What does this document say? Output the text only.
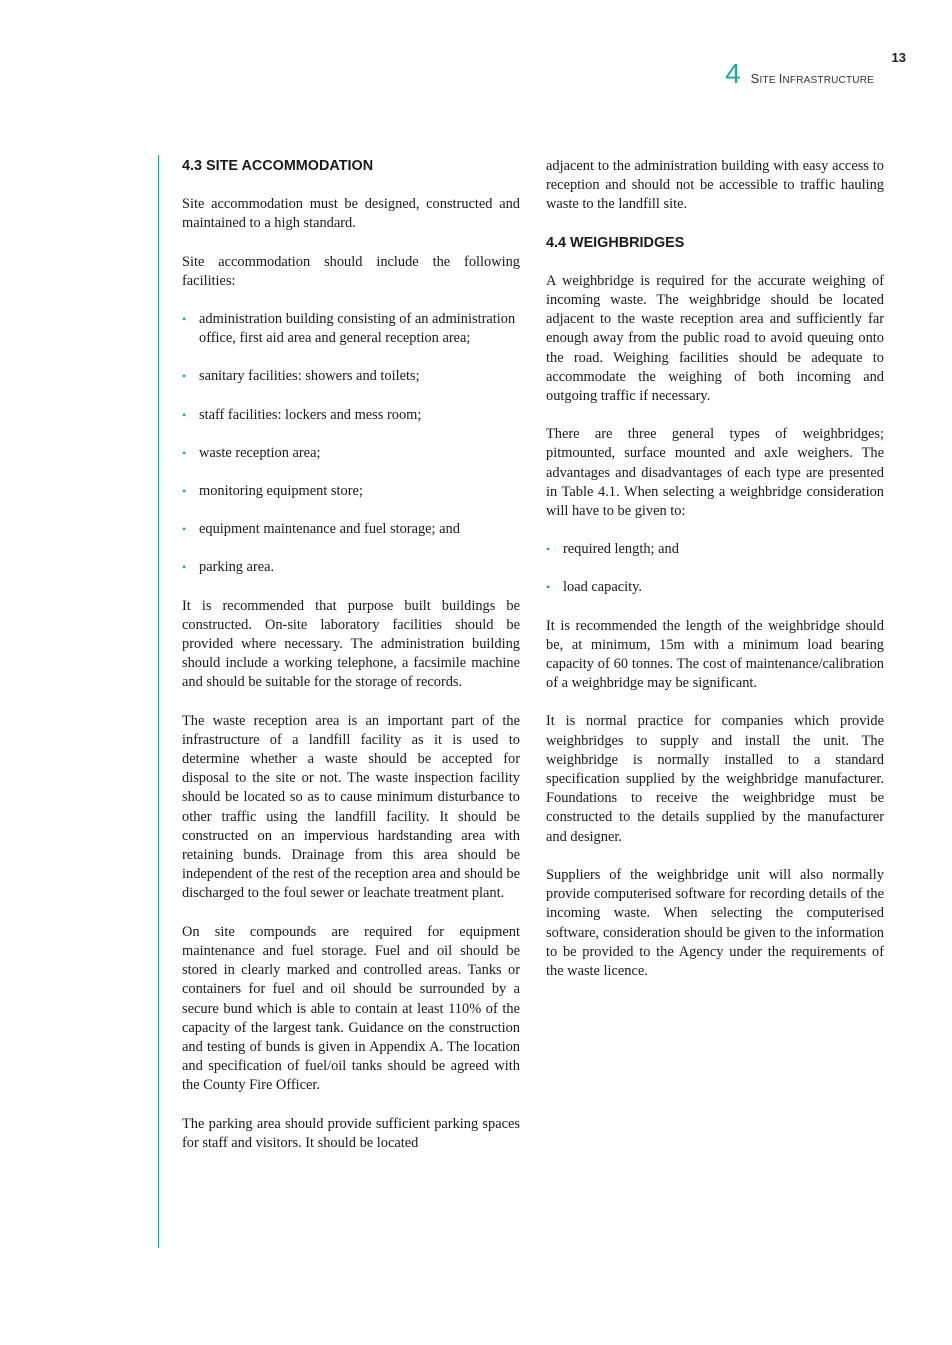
13
4 SITE INFRASTRUCTURE
4.3 SITE ACCOMMODATION

Site accommodation must be designed, constructed and maintained to a high standard.

Site accommodation should include the following facilities:

• administration building consisting of an administration office, first aid area and general reception area;
• sanitary facilities: showers and toilets;
• staff facilities: lockers and mess room;
• waste reception area;
• monitoring equipment store;
• equipment maintenance and fuel storage; and
• parking area.

It is recommended that purpose built buildings be constructed. On-site laboratory facilities should be provided where necessary. The administration building should include a working telephone, a facsimile machine and should be suitable for the storage of records.

The waste reception area is an important part of the infrastructure of a landfill facility as it is used to determine whether a waste should be accepted for disposal to the site or not. The waste inspection facility should be located so as to cause minimum disturbance to other traffic using the landfill facility. It should be constructed on an impervious hardstanding area with retaining bunds. Drainage from this area should be independent of the rest of the reception area and should be discharged to the foul sewer or leachate treatment plant.

On site compounds are required for equipment maintenance and fuel storage. Fuel and oil should be stored in clearly marked and controlled areas. Tanks or containers for fuel and oil should be surrounded by a secure bund which is able to contain at least 110% of the capacity of the largest tank. Guidance on the construction and testing of bunds is given in Appendix A. The location and specification of fuel/oil tanks should be agreed with the County Fire Officer.

The parking area should provide sufficient parking spaces for staff and visitors. It should be located

adjacent to the administration building with easy access to reception and should not be accessible to traffic hauling waste to the landfill site.

4.4 WEIGHBRIDGES

A weighbridge is required for the accurate weighing of incoming waste. The weighbridge should be located adjacent to the waste reception area and sufficiently far enough away from the public road to avoid queuing onto the road. Weighing facilities should be adequate to accommodate the weighing of both incoming and outgoing traffic if necessary.

There are three general types of weighbridges; pitmounted, surface mounted and axle weighers. The advantages and disadvantages of each type are presented in Table 4.1. When selecting a weighbridge consideration will have to be given to:

• required length; and
• load capacity.

It is recommended the length of the weighbridge should be, at minimum, 15m with a minimum load bearing capacity of 60 tonnes. The cost of maintenance/calibration of a weighbridge may be significant.

It is normal practice for companies which provide weighbridges to supply and install the unit. The weighbridge is normally installed to a standard specification supplied by the weighbridge manufacturer. Foundations to receive the weighbridge must be constructed to the details supplied by the manufacturer and designer.

Suppliers of the weighbridge unit will also normally provide computerised software for recording details of the incoming waste. When selecting the computerised software, consideration should be given to the information to be provided to the Agency under the requirements of the waste licence.
